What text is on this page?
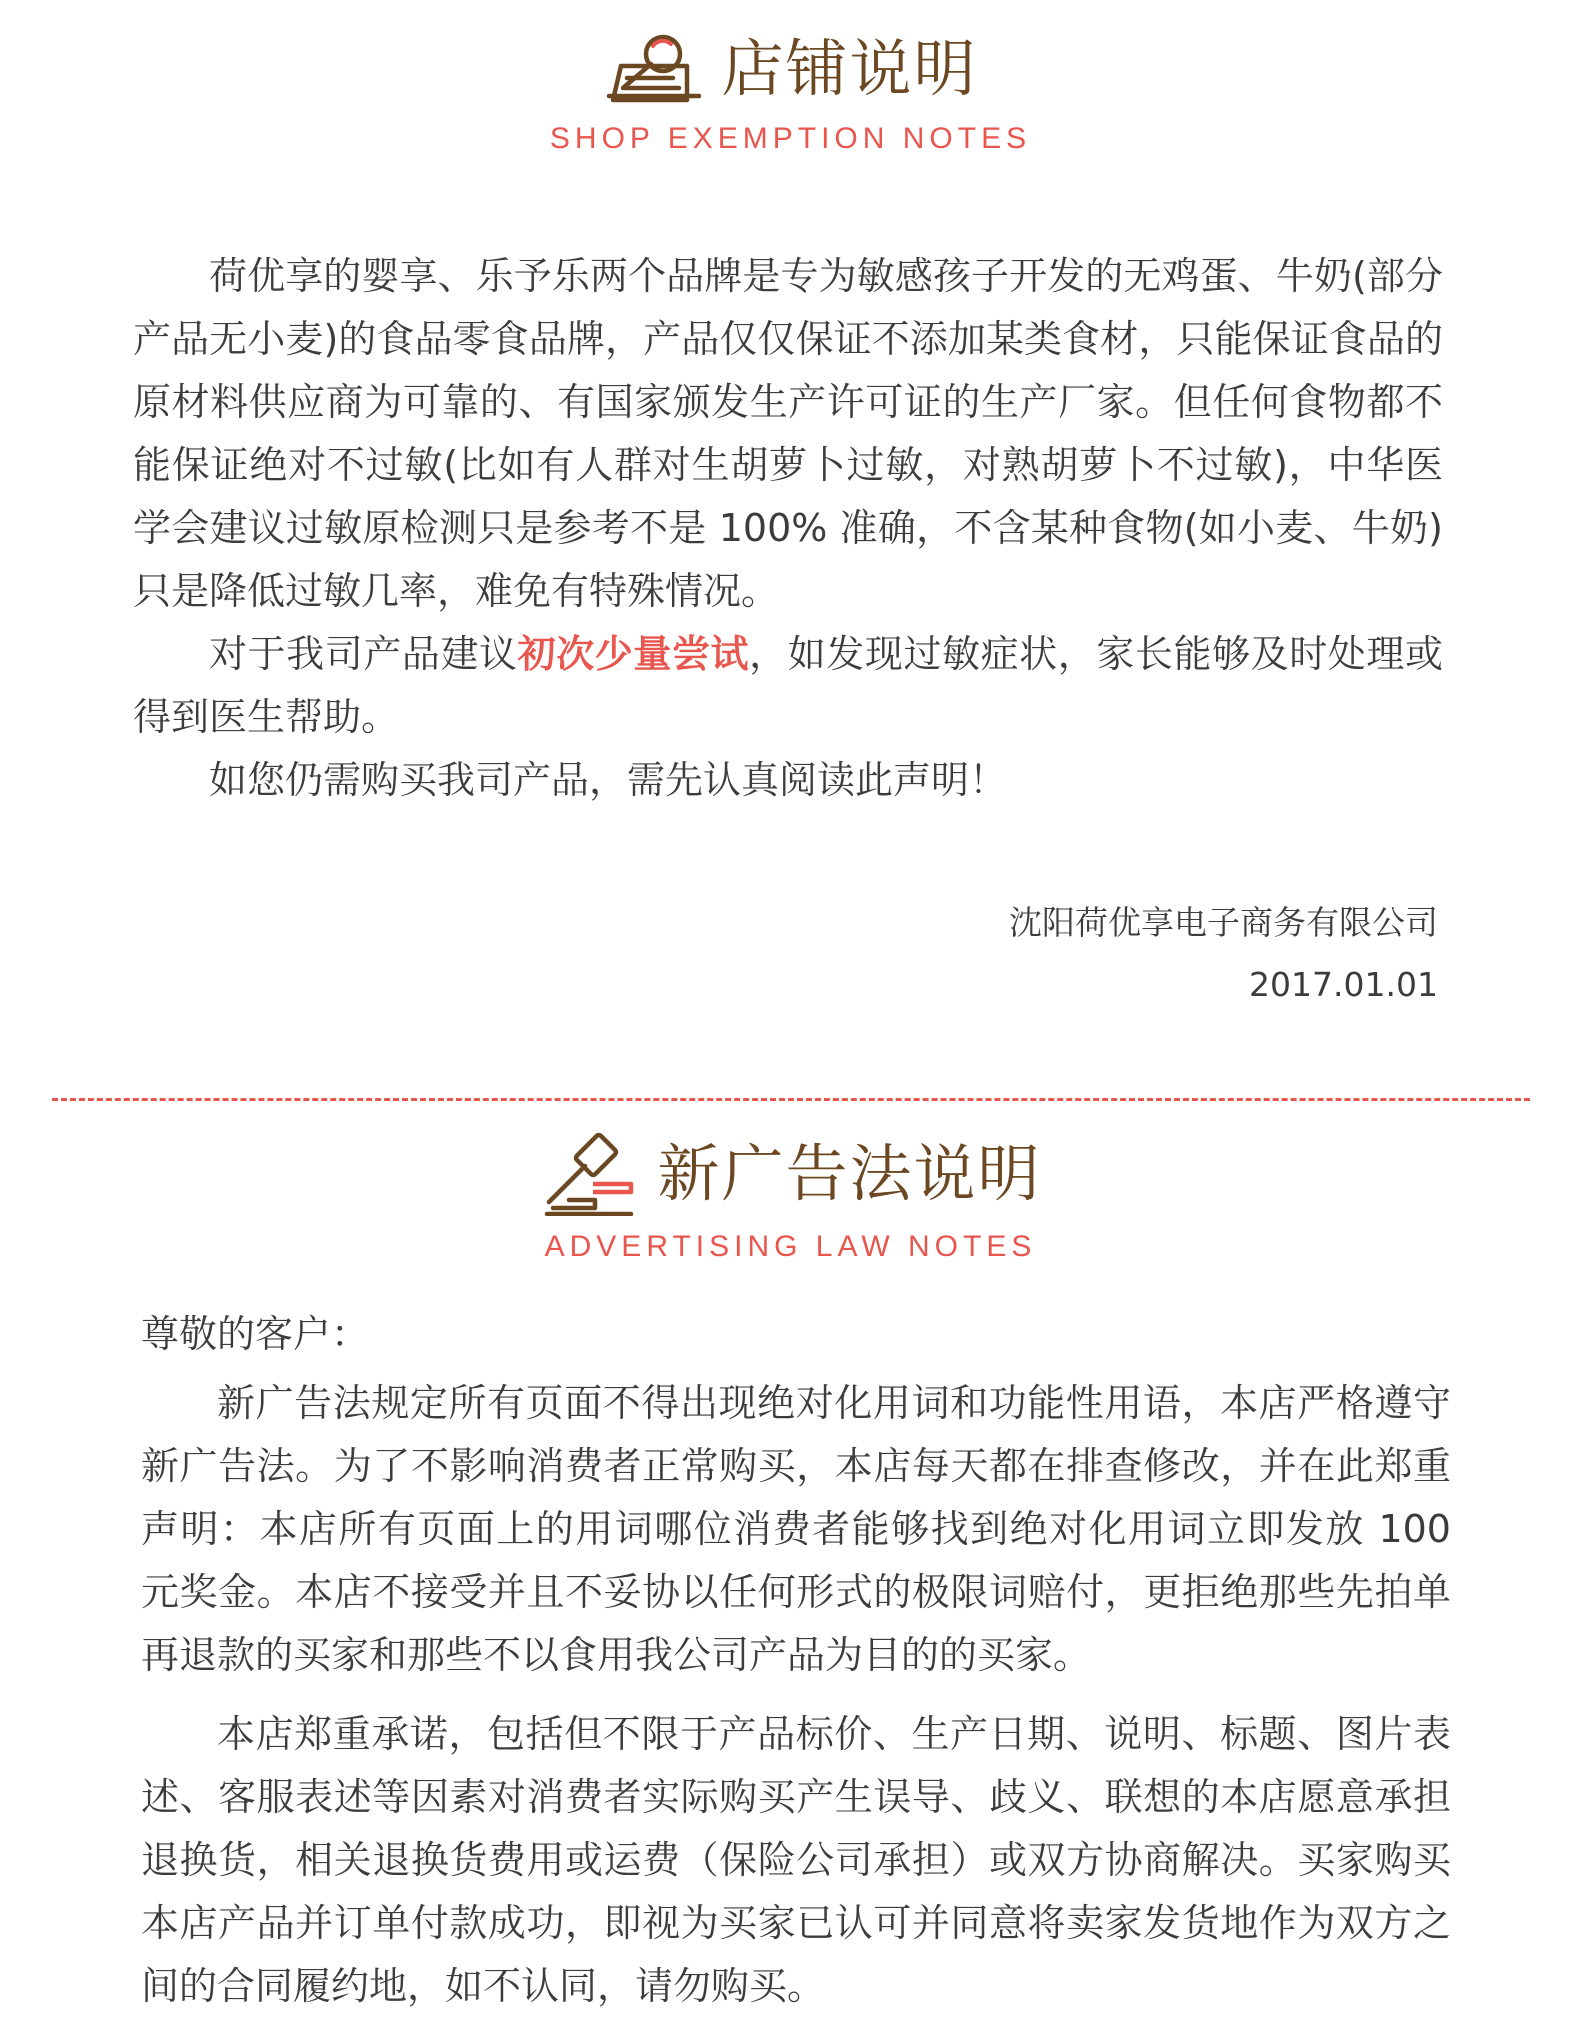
店铺说明
SHOP EXEMPTION NOTES

荷优享的婴享、乐予乐两个品牌是专为敏感孩子开发的无鸡蛋、牛奶(部分产品无小麦)的食品零食品牌，产品仅仅保证不添加某类食材，只能保证食品的原材料供应商为可靠的、有国家颁发生产许可证的生产厂家。但任何食物都不能保证绝对不过敏(比如有人群对生胡萝卜过敏，对熟胡萝卜不过敏)，中华医学会建议过敏原检测只是参考不是 100% 准确，不含某种食物(如小麦、牛奶)只是降低过敏几率，难免有特殊情况。

对于我司产品建议初次少量尝试，如发现过敏症状，家长能够及时处理或得到医生帮助。

如您仍需购买我司产品，需先认真阅读此声明！

沈阳荷优享电子商务有限公司
2017.01.01
新广告法说明
ADVERTISING LAW NOTES

尊敬的客户：

新广告法规定所有页面不得出现绝对化用词和功能性用语，本店严格遵守新广告法。为了不影响消费者正常购买，本店每天都在排查修改，并在此郑重声明：本店所有页面上的用词哪位消费者能够找到绝对化用词立即发放 100 元奖金。本店不接受并且不妥协以任何形式的极限词赔付，更拒绝那些先拍单再退款的买家和那些不以食用我公司产品为目的的买家。

本店郑重承诺，包括但不限于产品标价、生产日期、说明、标题、图片表述、客服表述等因素对消费者实际购买产生误导、歧义、联想的本店愿意承担退换货，相关退换货费用或运费（保险公司承担）或双方协商解决。买家购买本店产品并订单付款成功，即视为买家已认可并同意将卖家发货地作为双方之间的合同履约地，如不认同，请勿购买。
